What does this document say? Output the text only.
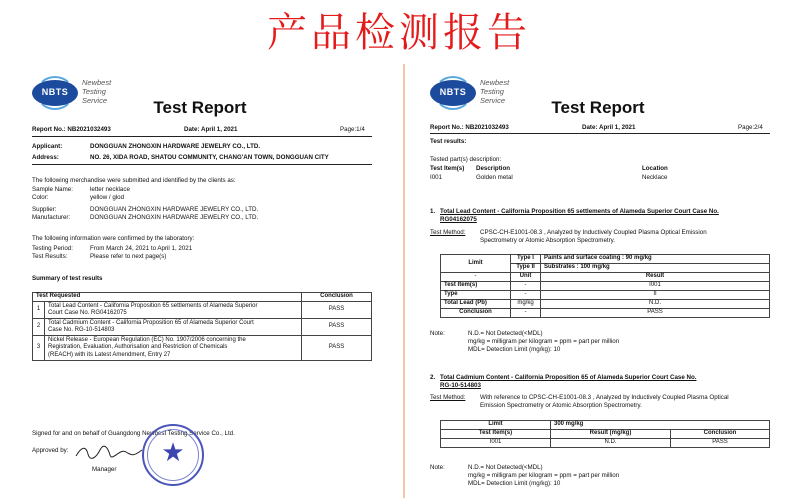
产品检测报告
NBTS
Newbest
Testing
Service	Test Report
Report No.: NB2021032493	Date: April 1, 2021	Page:1/4
Applicant:	DONGGUAN ZHONGXIN HARDWARE JEWELRY CO., LTD.
Address:	NO. 26, XIDA ROAD, SHATOU COMMUNITY, CHANG'AN TOWN, DONGGUAN CITY
The following merchandise were submitted and identified by the clients as:
Sample Name:	letter necklace
Color:	yellow / glod
Supplier:	DONGGUAN ZHONGXIN HARDWARE JEWELRY CO., LTD.
Manufacturer:	DONGGUAN ZHONGXIN HARDWARE JEWELRY CO., LTD.
The following information were confirmed by the laboratory:
Testing Period:	From March 24, 2021 to April 1, 2021
Test Results:	Please refer to next page(s)
Summary of test results
Test Requested		Conclusion
1	Total Lead Content - California Proposition 65 settlements of Alameda Superior
Court Case No. RG04162075	PASS
2	Total Cadmium Content - California Proposition 65 of Alameda Superior Court
Case No. RG-10-514803	PASS
3	Nickel Release - European Regulation (EC) No. 1907/2006 concerning the
Registration, Evaluation, Authorisation and Restriction of Chemicals
(REACH) with its Latest Amendment, Entry 27	PASS
Signed for and on behalf of Guangdong Newbest Testing Service Co., Ltd.
Approved by:
Manager
★
NBTS
Newbest
Testing
Service	Test Report
Report No.: NB2021032493	Date: April 1, 2021	Page:2/4
Test results:
Tested part(s) description:
Test Item(s) Description	Location
I001	Golden metal	Necklace
1. Total Lead Content - California Proposition 65 settlements of Alameda Superior Court Case No.
RG04162075
Test Method: CPSC-CH-E1001-08.3 , Analyzed by Inductively Coupled Plasma Optical Emission
Spectrometry or Atomic Absorption Spectrometry.
Limit	Type I	Paints and surface coating : 90 mg/kg
	Type II	Substrates : 100 mg/kg
-	Unit	Result
Test Item(s)	-	I001
Type	-	II
Total Lead (Pb)	mg/kg	N.D.
Conclusion	-	PASS
Note:	N.D.= Not Detected(<MDL)
mg/kg = milligram per kilogram = ppm = part per million
MDL= Detection Limit (mg/kg): 10
2. Total Cadmium Content - California Proposition 65 of Alameda Superior Court Case No.
RG-10-514803
Test Method: With reference to CPSC-CH-E1001-08.3 , Analyzed by Inductively Coupled Plasma Optical
Emission Spectrometry or Atomic Absorption Spectrometry.
Limit	300 mg/kg	
Test Item(s)	Result (mg/kg)	Conclusion
I001	N.D.	PASS
Note:	N.D.= Not Detected(<MDL)
mg/kg = milligram per kilogram = ppm = part per million
MDL= Detection Limit (mg/kg): 10
